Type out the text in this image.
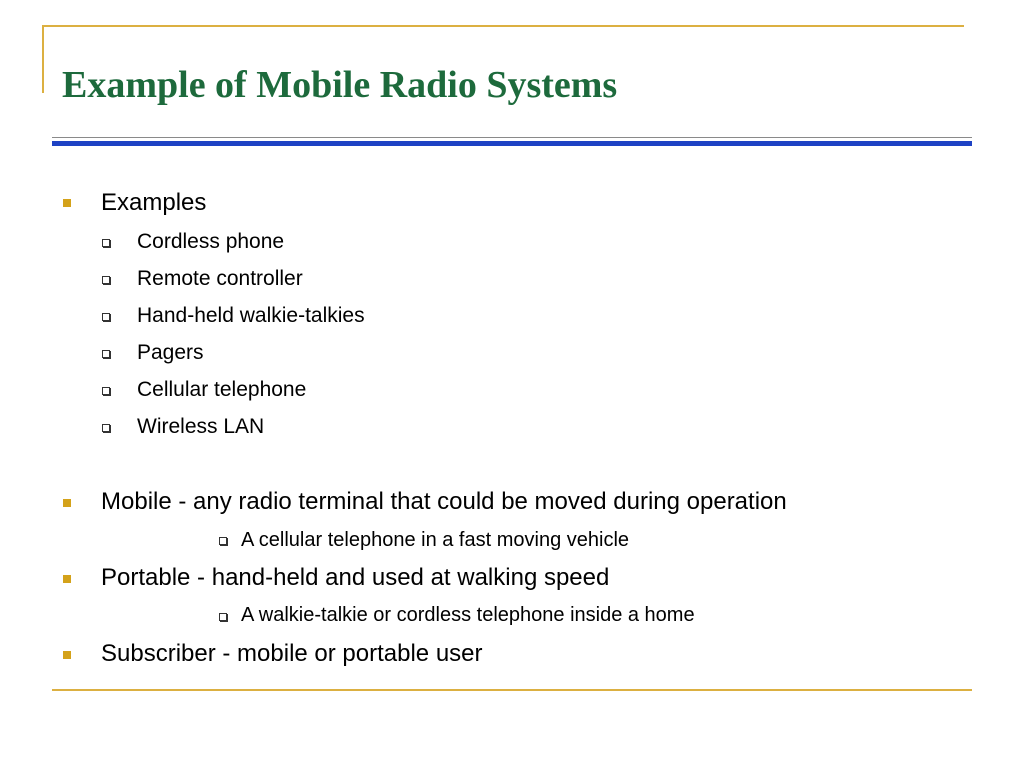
Example of Mobile Radio Systems
Examples
Cordless phone
Remote controller
Hand-held walkie-talkies
Pagers
Cellular telephone
Wireless LAN
Mobile - any radio terminal that could be moved during operation
A cellular telephone in a fast moving vehicle
Portable - hand-held and used at walking speed
A walkie-talkie or cordless telephone inside a home
Subscriber - mobile or portable user
